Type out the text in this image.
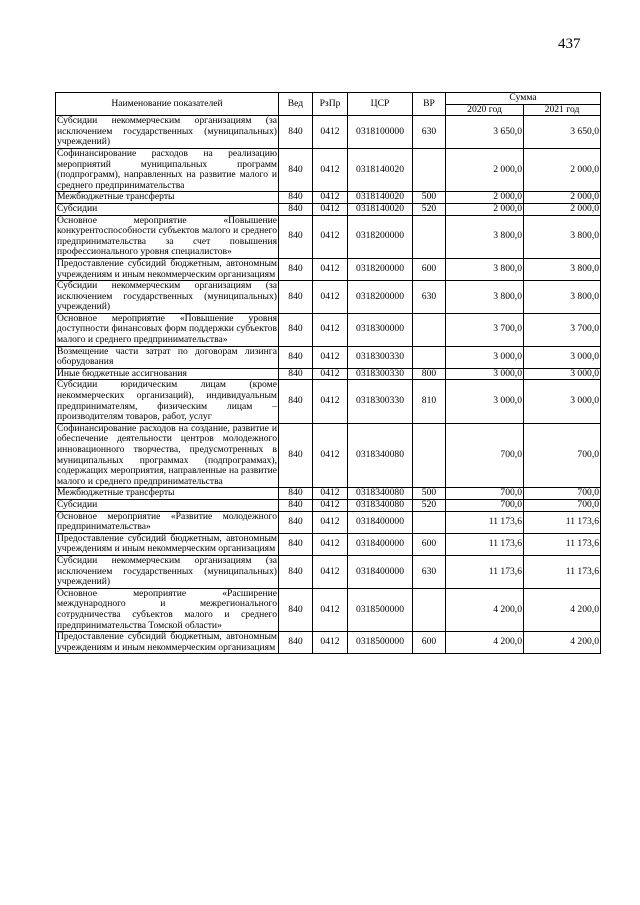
437
Наименование показателей	Вед	РзПр	ЦСР	ВР	Сумма	
					2020 год	2021 год
Субсидии некоммерческим организациям (за исключением государственных (муниципальных) учреждений)	840	0412	0318100000	630	3 650,0	3 650,0
Софинансирование расходов на реализацию мероприятий муниципальных программ (подпрограмм), направленных на развитие малого и среднего предпринимательства	840	0412	0318140020		2 000,0	2 000,0
Межбюджетные трансферты	840	0412	0318140020	500	2 000,0	2 000,0
Субсидии	840	0412	0318140020	520	2 000,0	2 000,0
Основное мероприятие «Повышение конкурентоспособности субъектов малого и среднего предпринимательства за счет повышения профессионального уровня специалистов»	840	0412	0318200000		3 800,0	3 800,0
Предоставление субсидий бюджетным, автономным учреждениям и иным некоммерческим организациям	840	0412	0318200000	600	3 800,0	3 800,0
Субсидии некоммерческим организациям (за исключением государственных (муниципальных) учреждений)	840	0412	0318200000	630	3 800,0	3 800,0
Основное мероприятие «Повышение уровня доступности финансовых форм поддержки субъектов малого и среднего предпринимательства»	840	0412	0318300000		3 700,0	3 700,0
Возмещение части затрат по договорам лизинга оборудования	840	0412	0318300330		3 000,0	3 000,0
Иные бюджетные ассигнования	840	0412	0318300330	800	3 000,0	3 000,0
Субсидии юридическим лицам (кроме некоммерческих организаций), индивидуальным предпринимателям, физическим лицам – производителям товаров, работ, услуг	840	0412	0318300330	810	3 000,0	3 000,0
Софинансирование расходов на создание, развитие и обеспечение деятельности центров молодежного инновационного творчества, предусмотренных в муниципальных программах (подпрограммах), содержащих мероприятия, направленные на развитие малого и среднего предпринимательства	840	0412	0318340080		700,0	700,0
Межбюджетные трансферты	840	0412	0318340080	500	700,0	700,0
Субсидии	840	0412	0318340080	520	700,0	700,0
Основное мероприятие «Развитие молодежного предпринимательства»	840	0412	0318400000		11 173,6	11 173,6
Предоставление субсидий бюджетным, автономным учреждениям и иным некоммерческим организациям	840	0412	0318400000	600	11 173,6	11 173,6
Субсидии некоммерческим организациям (за исключением государственных (муниципальных) учреждений)	840	0412	0318400000	630	11 173,6	11 173,6
Основное мероприятие «Расширение международного и межрегионального сотрудничества субъектов малого и среднего предпринимательства Томской области»	840	0412	0318500000		4 200,0	4 200,0
Предоставление субсидий бюджетным, автономным учреждениям и иным некоммерческим организациям	840	0412	0318500000	600	4 200,0	4 200,0
